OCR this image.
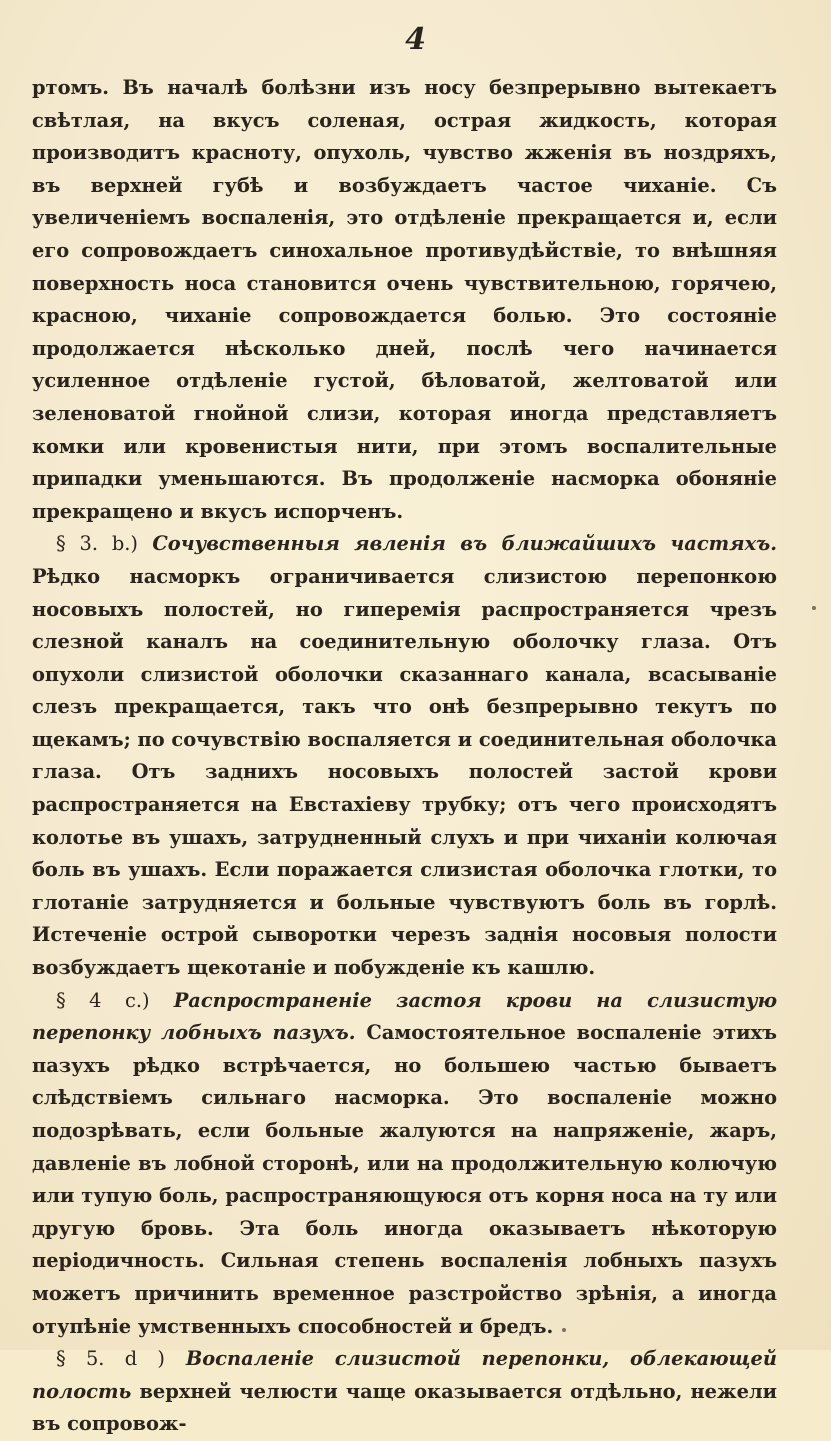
4

ртомъ. Въ началѣ болѣзни изъ носу безпрерывно вытекаетъ свѣтлая, на вкусъ соленая, острая жидкость, которая производитъ красноту, опухоль, чувство жженія въ ноздряхъ, въ верхней губѣ и возбуждаетъ частое чиханіе. Съ увеличеніемъ воспаленія, это отдѣленіе прекращается и, если его сопровождаетъ синохальное противудѣйствіе, то внѣшняя поверхность носа становится очень чувствительною, горячею, красною, чиханіе сопровождается болью. Это состояніе продолжается нѣсколько дней, послѣ чего начинается усиленное отдѣленіе густой, бѣловатой, желтоватой или зеленоватой гнойной слизи, которая иногда представляетъ комки или кровенистыя нити, при этомъ воспалительные припадки уменьшаются. Въ продолженіе насморка обоняніе прекращено и вкусъ испорченъ.

§ 3. b.) Сочувственныя явленія въ ближайшихъ частяхъ. Рѣдко насморкъ ограничивается слизистою перепонкою носовыхъ полостей, но гиперемія распространяется чрезъ слезной каналъ на соединительную оболочку глаза. Отъ опухоли слизистой оболочки сказаннаго канала, всасываніе слезъ прекращается, такъ что онѣ безпрерывно текутъ по щекамъ; по сочувствію воспаляется и соединительная оболочка глаза. Отъ заднихъ носовыхъ полостей застой крови распространяется на Евстахіеву трубку; отъ чего происходятъ колотье въ ушахъ, затрудненный слухъ и при чиханіи колючая боль въ ушахъ. Если поражается слизистая оболочка глотки, то глотаніе затрудняется и больные чувствуютъ боль въ горлѣ. Истеченіе острой сыворотки черезъ заднія носовыя полости возбуждаетъ щекотаніе и побужденіе къ кашлю.

§ 4 c.) Распространеніе застоя крови на слизистую перепонку лобныхъ пазухъ. Самостоятельное воспаленіе этихъ пазухъ рѣдко встрѣчается, но большею частью бываетъ слѣдствіемъ сильнаго насморка. Это воспаленіе можно подозрѣвать, если больные жалуются на напряженіе, жаръ, давленіе въ лобной сторонѣ, или на продолжительную колючую или тупую боль, распространяющуюся отъ корня носа на ту или другую бровь. Эта боль иногда оказываетъ нѣкоторую періодичность. Сильная степень воспаленія лобныхъ пазухъ можетъ причинить временное разстройство зрѣнія, а иногда отупѣніе умственныхъ способностей и бредъ.

§ 5. d ) Воспаленіе слизистой перепонки, облекающей полость верхней челюсти чаще оказывается отдѣльно, нежели въ сопровож-
